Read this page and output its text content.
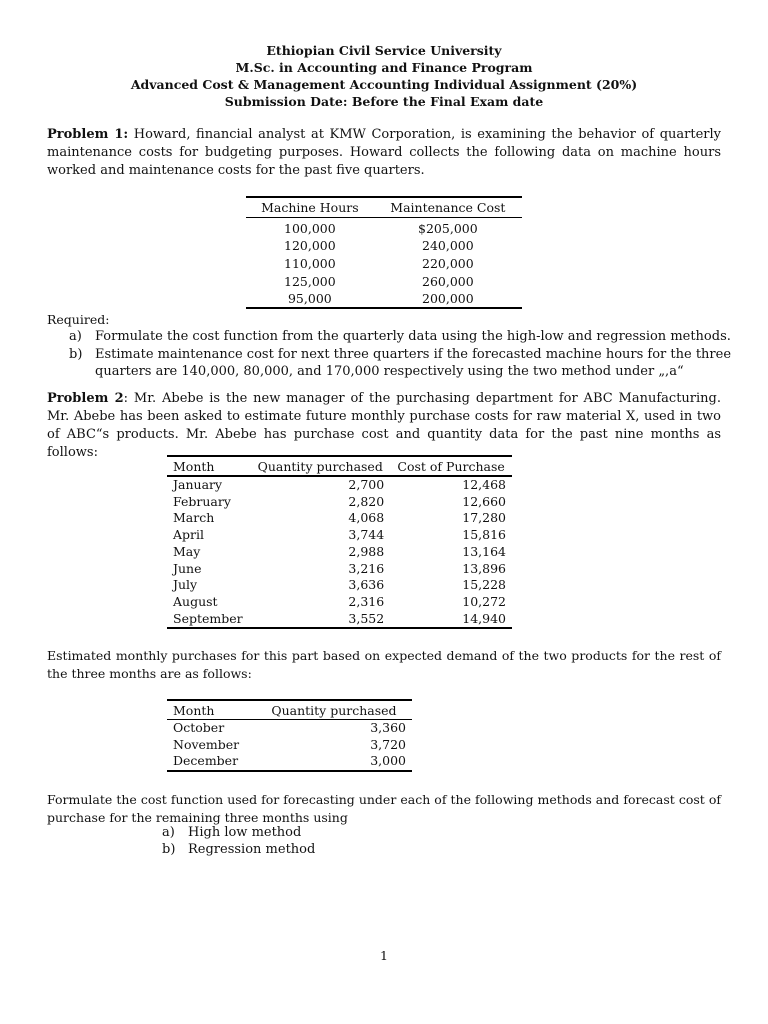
Ethiopian Civil Service University
M.Sc. in Accounting and Finance Program
Advanced Cost & Management Accounting Individual Assignment (20%)
Submission Date: Before the Final Exam date
Problem 1: Howard, financial analyst at KMW Corporation, is examining the behavior of quarterly maintenance costs for budgeting purposes. Howard collects the following data on machine hours worked and maintenance costs for the past five quarters.
Machine Hours	Maintenance Cost
100,000	$205,000
120,000	240,000
110,000	220,000
125,000	260,000
95,000	200,000
Required:
a)	Formulate the cost function from the quarterly data using the high-low and regression methods.
b) Estimate maintenance cost for next three quarters if the forecasted machine hours for the three
quarters are 140,000, 80,000, and 170,000 respectively using the two method under „,a“
Problem 2: Mr. Abebe is the new manager of the purchasing department for ABC Manufacturing. Mr. Abebe has been asked to estimate future monthly purchase costs for raw material X, used in two of ABC“s products. Mr. Abebe has purchase cost and quantity data for the past nine months as follows:
Month	Quantity purchased	Cost of Purchase
January	2,700	12,468
February	2,820	12,660
March	4,068	17,280
April	3,744	15,816
May	2,988	13,164
June	3,216	13,896
July	3,636	15,228
August	2,316	10,272
September	3,552	14,940
Estimated monthly purchases for this part based on expected demand of the two products for the rest of the three months are as follows:
Month	Quantity purchased
October	3,360
November	3,720
December	3,000
Formulate the cost function used for forecasting under each of the following methods and forecast cost of purchase for the remaining three months using
a)	High low method
b) Regression method
1
